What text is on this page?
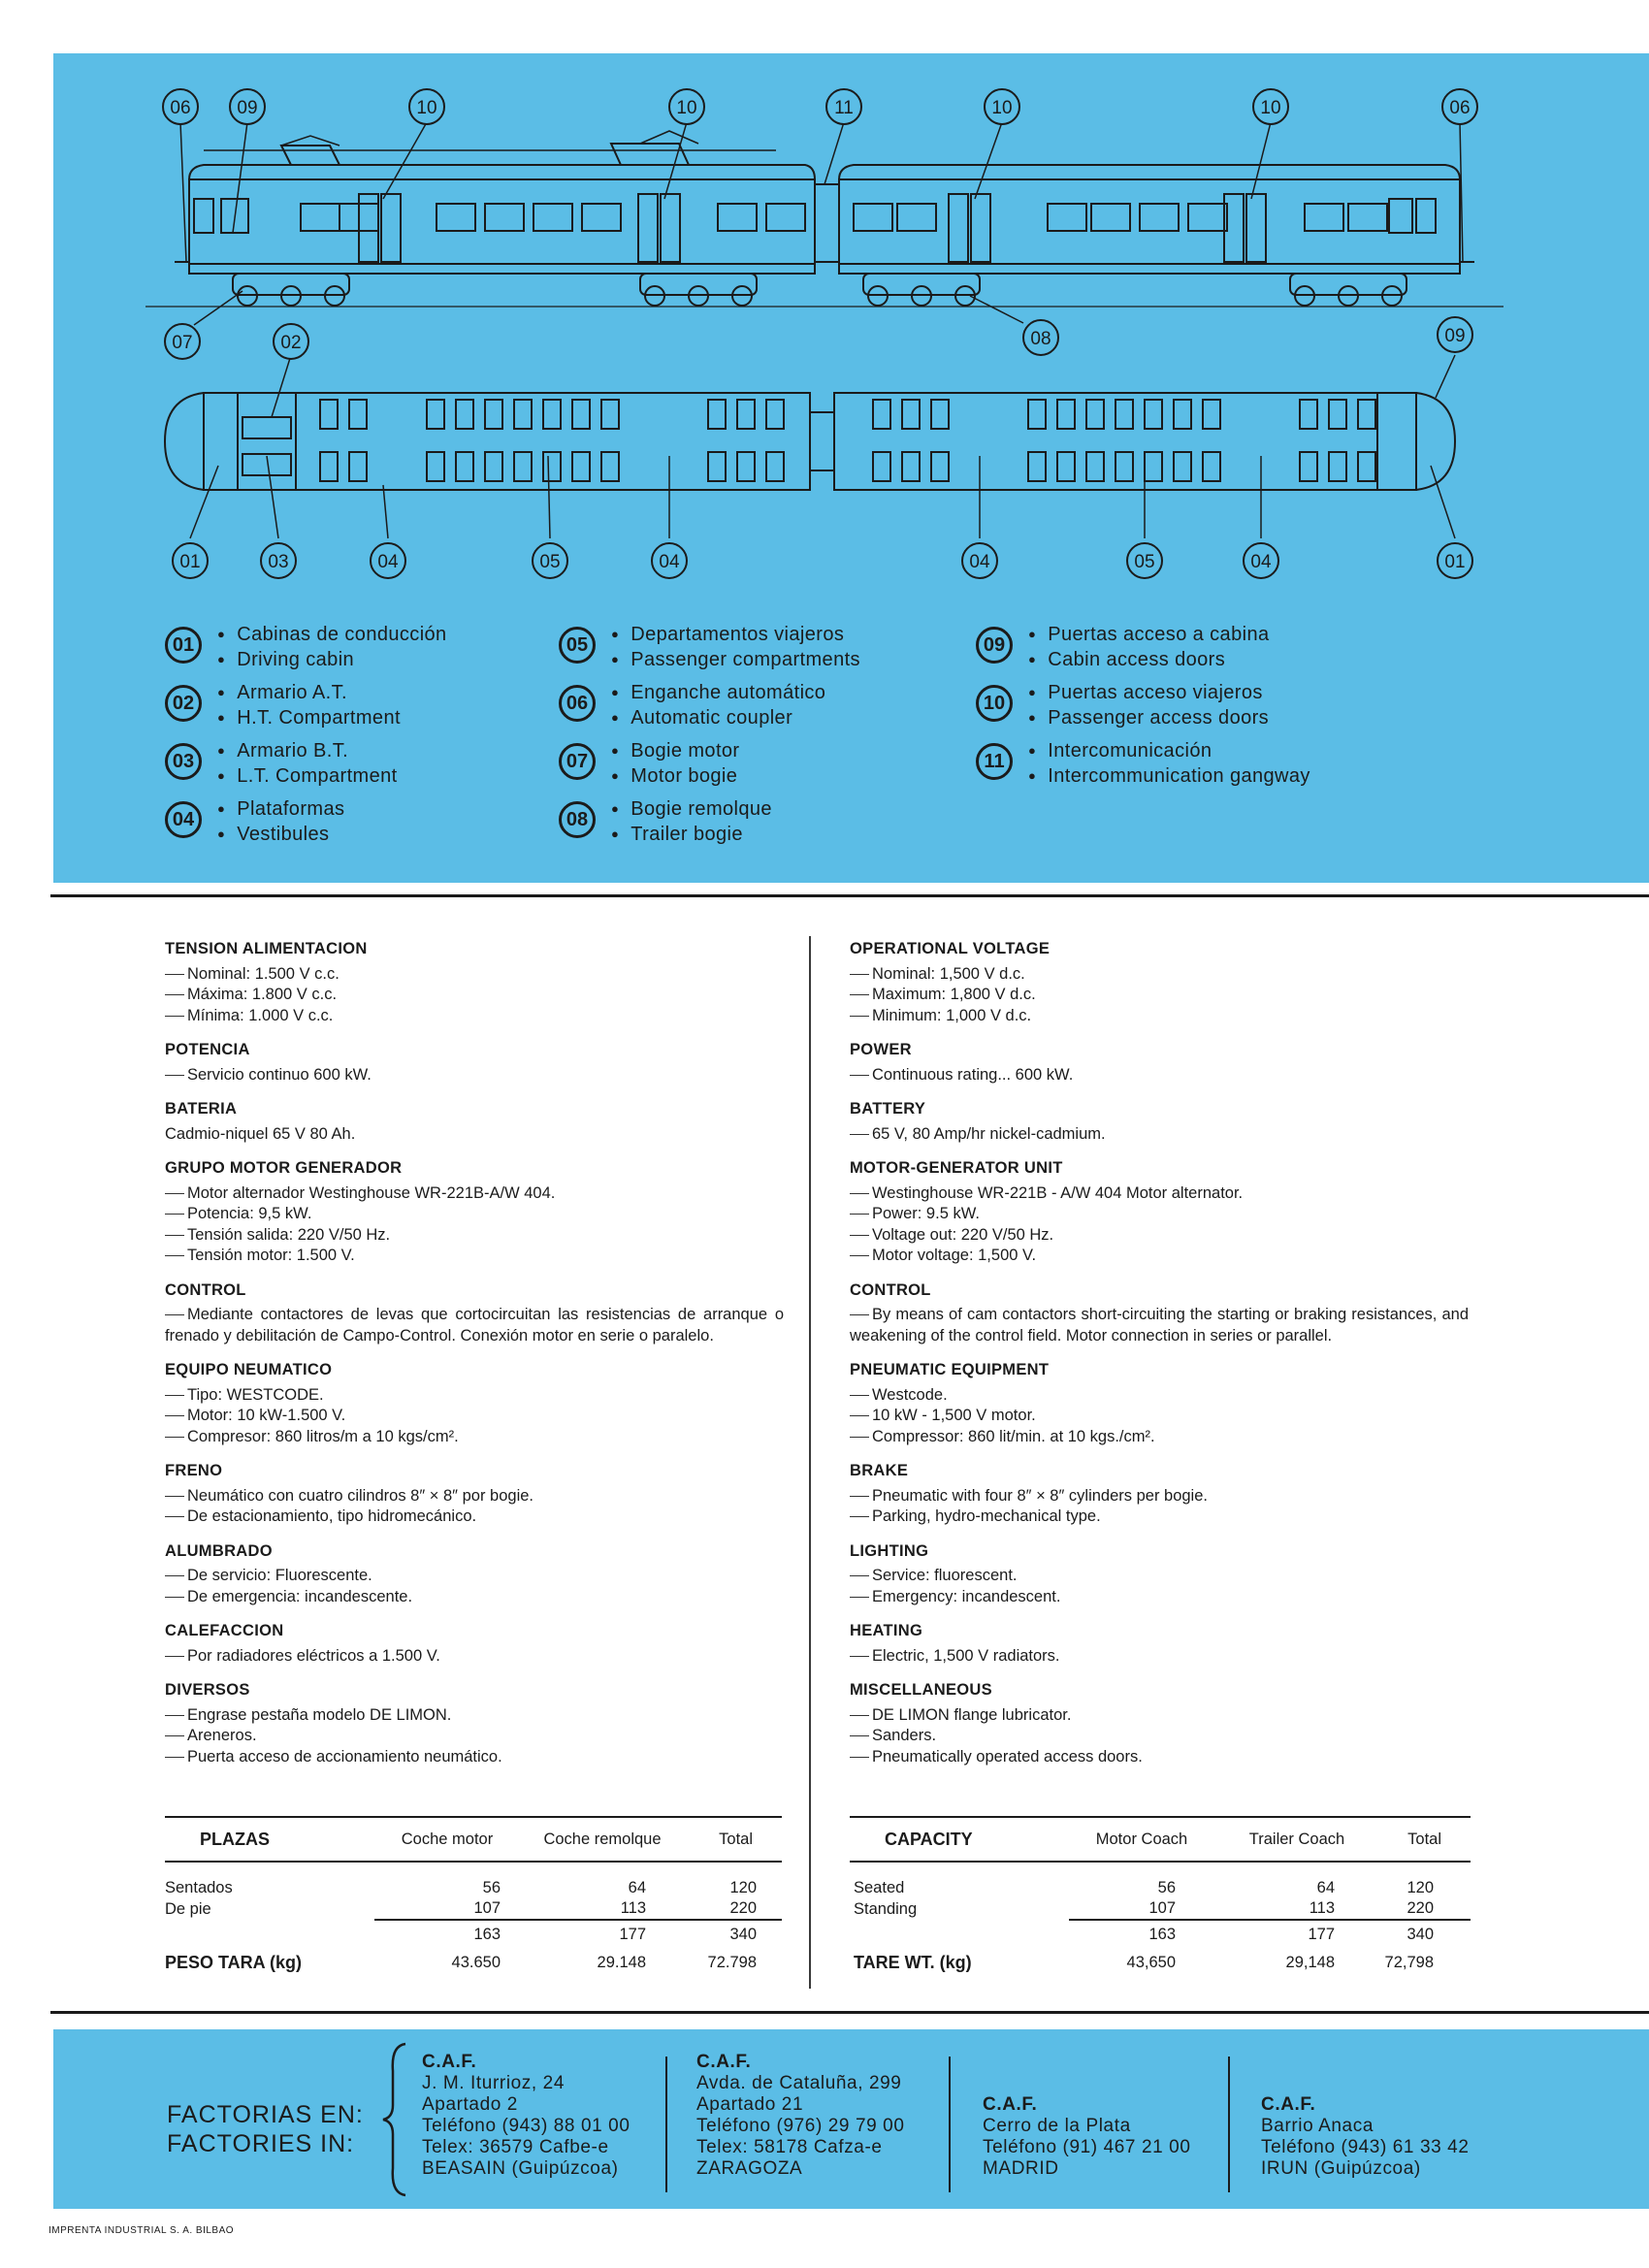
06	09	10	10	11	10	10	06
07	02	08	09
01	03	04	05	04	04	05	04	01
01	● Cabinas de conducción
● Driving cabin
02	● Armario A.T.
● H.T. Compartment
03	● Armario B.T.
● L.T. Compartment
04	● Plataformas
● Vestibules
05	● Departamentos viajeros
● Passenger compartments
06	● Enganche automático
● Automatic coupler
07	● Bogie motor
● Motor bogie
08	● Bogie remolque
● Trailer bogie
09	● Puertas acceso a cabina
● Cabin access doors
10	● Puertas acceso viajeros
● Passenger access doors
11	● Intercomunicación
● Intercommunication gangway
TENSION ALIMENTACION
Nominal: 1.500 V c.c.
Máxima: 1.800 V c.c.
Mínima: 1.000 V c.c.
POTENCIA
Servicio continuo 600 kW.
BATERIA
Cadmio-niquel 65 V 80 Ah.
GRUPO MOTOR GENERADOR
Motor alternador Westinghouse WR-221B-A/W 404.
Potencia: 9,5 kW.
Tensión salida: 220 V/50 Hz.
Tensión motor: 1.500 V.
CONTROL
Mediante contactores de levas que cortocircuitan las resistencias de arranque o frenado y debilitación de Campo-Control. Conexión motor en serie o paralelo.
EQUIPO NEUMATICO
Tipo: WESTCODE.
Motor: 10 kW-1.500 V.
Compresor: 860 litros/m a 10 kgs/cm².
FRENO
Neumático con cuatro cilindros 8″ × 8″ por bogie.
De estacionamiento, tipo hidromecánico.
ALUMBRADO
De servicio: Fluorescente.
De emergencia: incandescente.
CALEFACCION
Por radiadores eléctricos a 1.500 V.
DIVERSOS
Engrase pestaña modelo DE LIMON.
Areneros.
Puerta acceso de accionamiento neumático.
OPERATIONAL VOLTAGE
Nominal: 1,500 V d.c.
Maximum: 1,800 V d.c.
Minimum: 1,000 V d.c.
POWER
Continuous rating... 600 kW.
BATTERY
65 V, 80 Amp/hr nickel-cadmium.
MOTOR-GENERATOR UNIT
Westinghouse WR-221B - A/W 404 Motor alternator.
Power: 9.5 kW.
Voltage out: 220 V/50 Hz.
Motor voltage: 1,500 V.
CONTROL
By means of cam contactors short-circuiting the starting or braking resistances, and weakening of the control field. Motor connection in series or parallel.
PNEUMATIC EQUIPMENT
Westcode.
10 kW - 1,500 V motor.
Compressor: 860 lit/min. at 10 kgs./cm².
BRAKE
Pneumatic with four 8″ × 8″ cylinders per bogie.
Parking, hydro-mechanical type.
LIGHTING
Service: fluorescent.
Emergency: incandescent.
HEATING
Electric, 1,500 V radiators.
MISCELLANEOUS
DE LIMON flange lubricator.
Sanders.
Pneumatically operated access doors.
PLAZAS	Coche motor	Coche remolque	Total

Sentados	56	64	120
De pie	107	113	220
	163	177	340
PESO TARA (kg)	43.650	29.148	72.798
CAPACITY	Motor Coach	Trailer Coach	Total

Seated	56	64	120
Standing	107	113	220
	163	177	340
TARE WT. (kg)	43,650	29,148	72,798
FACTORIAS EN:
FACTORIES IN:
C.A.F.
J. M. Iturrioz, 24
Apartado 2
Teléfono (943) 88 01 00
Telex: 36579 Cafbe-e
BEASAIN (Guipúzcoa)
C.A.F.
Avda. de Cataluña, 299
Apartado 21
Teléfono (976) 29 79 00
Telex: 58178 Cafza-e
ZARAGOZA
C.A.F.
Cerro de la Plata
Teléfono (91) 467 21 00
MADRID
C.A.F.
Barrio Anaca
Teléfono (943) 61 33 42
IRUN (Guipúzcoa)
IMPRENTA INDUSTRIAL S. A. BILBAO
